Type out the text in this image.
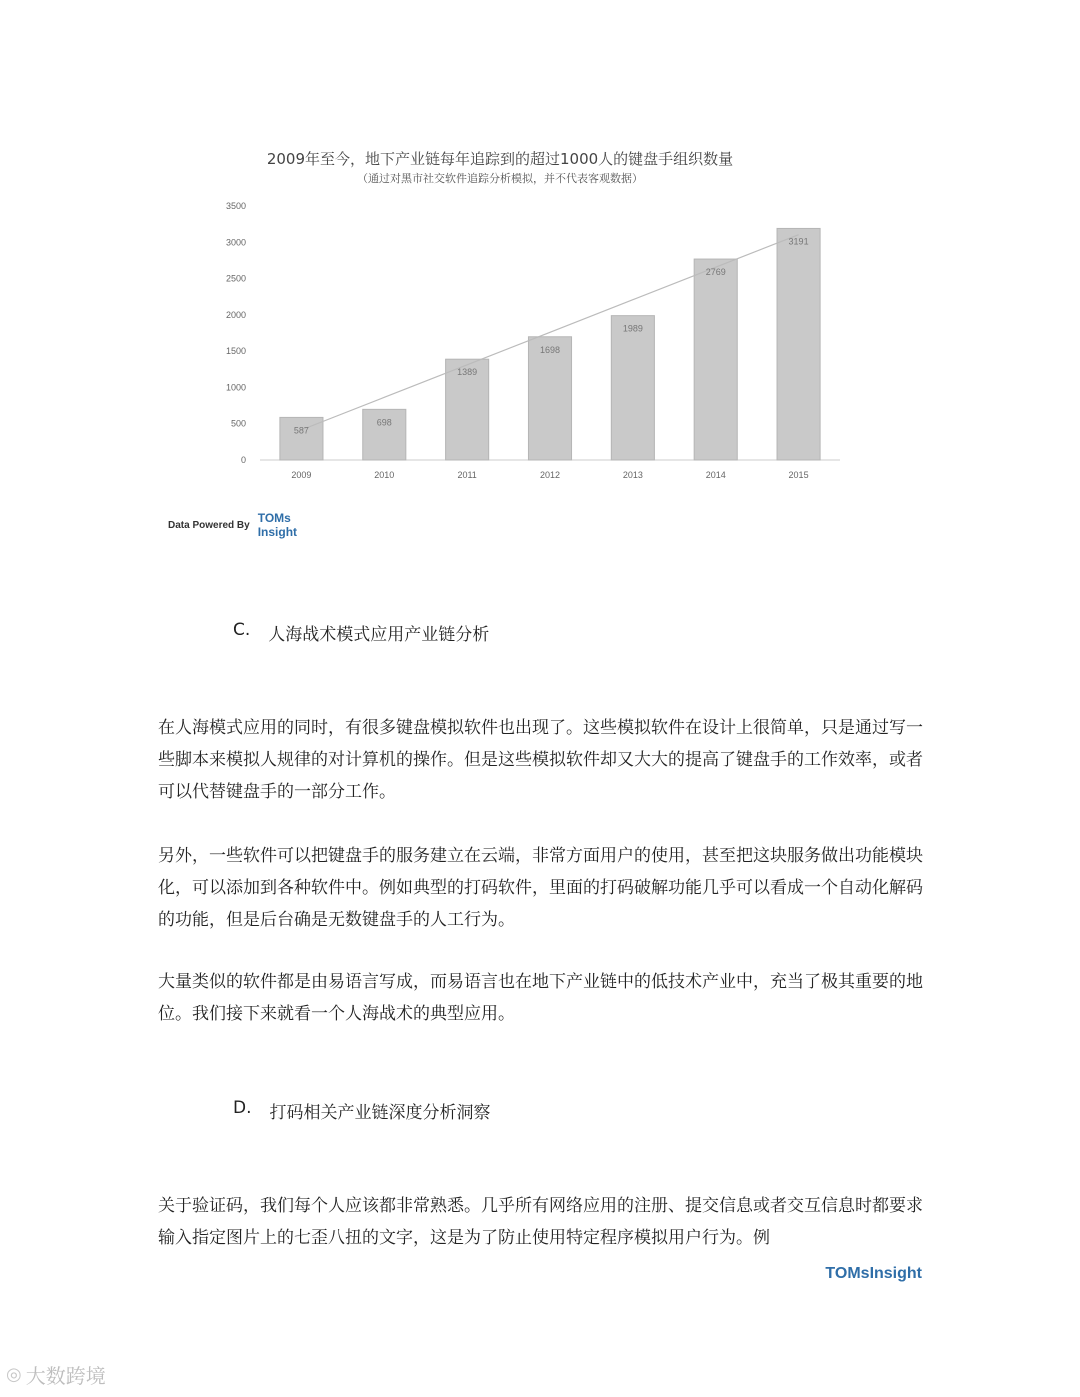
2009年至今，地下产业链每年追踪到的超过1000人的键盘手组织数量
（通过对黑市社交软件追踪分析模拟，并不代表客观数据）
0
500
1000
1500
2000
2500
3000
3500
2009	2010	2011	2012	2013	2014	2015
587
698
1389
1698
1989
2769
3191
Data Powered By TOMs
Insight
C. 人海战术模式应用产业链分析
在人海模式应用的同时，有很多键盘模拟软件也出现了。这些模拟软件在设计上很简单，只是通过写一些脚本来模拟人规律的对计算机的操作。但是这些模拟软件却又大大的提高了键盘手的工作效率，或者可以代替键盘手的一部分工作。
另外，一些软件可以把键盘手的服务建立在云端，非常方面用户的使用，甚至把这块服务做出功能模块化，可以添加到各种软件中。例如典型的打码软件，里面的打码破解功能几乎可以看成一个自动化解码的功能，但是后台确是无数键盘手的人工行为。
大量类似的软件都是由易语言写成，而易语言也在地下产业链中的低技术产业中，充当了极其重要的地位。我们接下来就看一个人海战术的典型应用。
D. 打码相关产业链深度分析洞察
关于验证码，我们每个人应该都非常熟悉。几乎所有网络应用的注册、提交信息或者交互信息时都要求输入指定图片上的七歪八扭的文字，这是为了防止使用特定程序模拟用户行为。例
TOMsInsight
◎ 大数跨境
